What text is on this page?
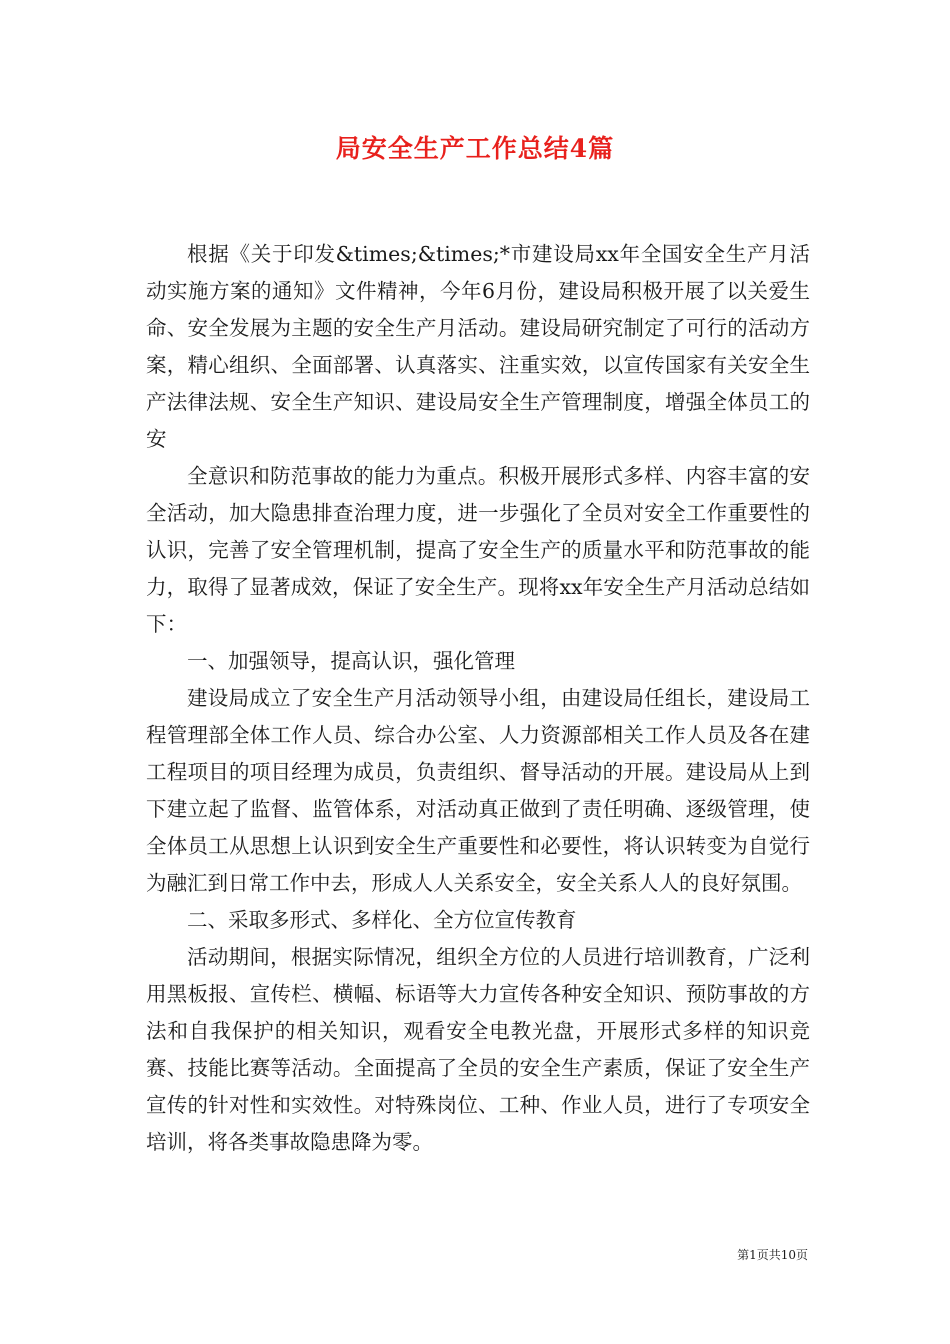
局安全生产工作总结4篇

根据《关于印发&times;&times;*市建设局xx年全国安全生产月活动实施方案的通知》文件精神，今年6月份，建设局积极开展了以关爱生命、安全发展为主题的安全生产月活动。建设局研究制定了可行的活动方案，精心组织、全面部署、认真落实、注重实效，以宣传国家有关安全生产法律法规、安全生产知识、建设局安全生产管理制度，增强全体员工的安

全意识和防范事故的能力为重点。积极开展形式多样、内容丰富的安全活动，加大隐患排查治理力度，进一步强化了全员对安全工作重要性的认识，完善了安全管理机制，提高了安全生产的质量水平和防范事故的能力，取得了显著成效，保证了安全生产。现将xx年安全生产月活动总结如下：

一、加强领导，提高认识，强化管理

建设局成立了安全生产月活动领导小组，由建设局任组长，建设局工程管理部全体工作人员、综合办公室、人力资源部相关工作人员及各在建工程项目的项目经理为成员，负责组织、督导活动的开展。建设局从上到下建立起了监督、监管体系，对活动真正做到了责任明确、逐级管理，使全体员工从思想上认识到安全生产重要性和必要性，将认识转变为自觉行为融汇到日常工作中去，形成人人关系安全，安全关系人人的良好氛围。

二、采取多形式、多样化、全方位宣传教育

活动期间，根据实际情况，组织全方位的人员进行培训教育，广泛利用黑板报、宣传栏、横幅、标语等大力宣传各种安全知识、预防事故的方法和自我保护的相关知识，观看安全电教光盘，开展形式多样的知识竞赛、技能比赛等活动。全面提高了全员的安全生产素质，保证了安全生产宣传的针对性和实效性。对特殊岗位、工种、作业人员，进行了专项安全培训，将各类事故隐患降为零。

第1页共10页
